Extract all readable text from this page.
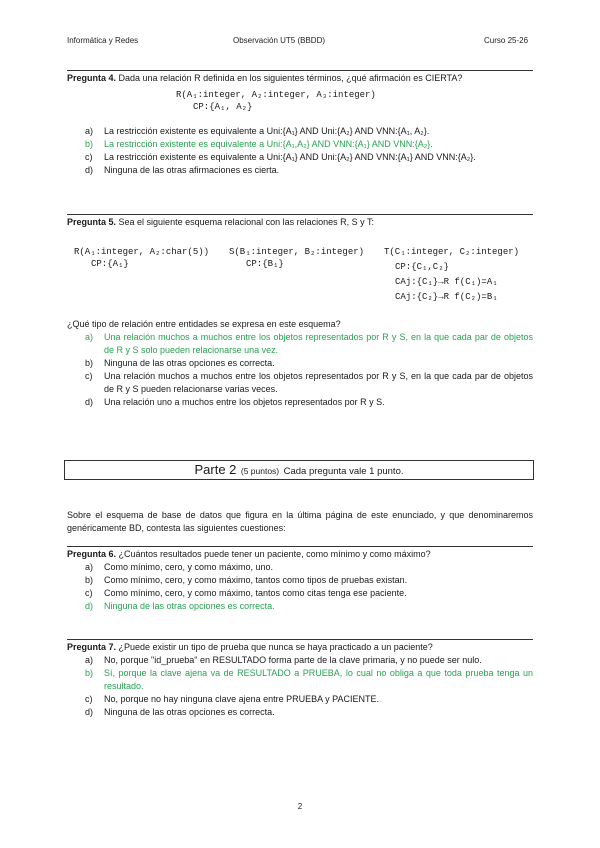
Informática y Redes	Observación UT5 (BBDD)	Curso 25-26
Pregunta 4. Dada una relación R definida en los siguientes términos, ¿qué afirmación es CIERTA?
R(A₁:integer, A₂:integer, A₃:integer)
CP:{A₁, A₂}
a)	La restricción existente es equivalente a Uni:{A₁} AND Uni:{A₂} AND VNN:{A₁, A₂}.
b)	La restricción existente es equivalente a Uni:{A₁,A₂} AND VNN:{A₁} AND VNN:{A₂}.
c)	La restricción existente es equivalente a Uni:{A₁} AND Uni:{A₂} AND VNN:{A₁} AND VNN:{A₂}.
d)	Ninguna de las otras afirmaciones es cierta.
Pregunta 5. Sea el siguiente esquema relacional con las relaciones R, S y T:
R(A₁:integer, A₂:char(5))
CP:{A₁}
S(B₁:integer, B₂:integer)
CP:{B₁}
T(C₁:integer, C₂:integer)
CP:{C₁,C₂}
CAj:{C₁}→R f(C₁)=A₁
CAj:{C₂}→R f(C₂)=B₁
¿Qué tipo de relación entre entidades se expresa en este esquema?
a)	Una relación muchos a muchos entre los objetos representados por R y S, en la que cada par de objetos de R y S solo pueden relacionarse una vez.
b)	Ninguna de las otras opciones es correcta.
c)	Una relación muchos a muchos entre los objetos representados por R y S, en la que cada par de objetos de R y S pueden relacionarse varias veces.
d)	Una relación uno a muchos entre los objetos representados por R y S.
Parte 2 (5 puntos) Cada pregunta vale 1 punto.
Sobre el esquema de base de datos que figura en la última página de este enunciado, y que denominaremos genéricamente BD, contesta las siguientes cuestiones:
Pregunta 6. ¿Cuántos resultados puede tener un paciente, como mínimo y como máximo?
a)	Como mínimo, cero, y como máximo, uno.
b)	Como mínimo, cero, y como máximo, tantos como tipos de pruebas existan.
c)	Como mínimo, cero, y como máximo, tantos como citas tenga ese paciente.
d)	Ninguna de las otras opciones es correcta.
Pregunta 7. ¿Puede existir un tipo de prueba que nunca se haya practicado a un paciente?
a)	No, porque "id_prueba" en RESULTADO forma parte de la clave primaria, y no puede ser nulo.
b)	Sí, porque la clave ajena va de RESULTADO a PRUEBA, lo cual no obliga a que toda prueba tenga un resultado.
c)	No, porque no hay ninguna clave ajena entre PRUEBA y PACIENTE.
d)	Ninguna de las otras opciones es correcta.
2
